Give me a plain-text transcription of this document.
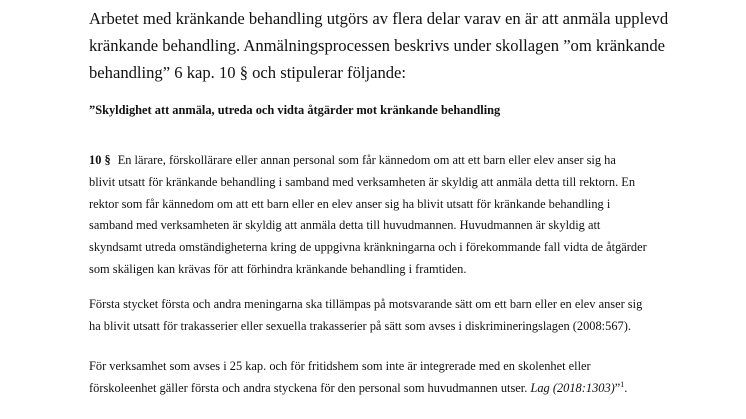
Arbetet med kränkande behandling utgörs av flera delar varav en är att anmäla upplevd
kränkande behandling. Anmälningsprocessen beskrivs under skollagen ”om kränkande
behandling” 6 kap. 10 § och stipulerar följande:

”Skyldighet att anmäla, utreda och vidta åtgärder mot kränkande behandling

10 § En lärare, förskollärare eller annan personal som får kännedom om att ett barn eller elev anser sig ha
blivit utsatt för kränkande behandling i samband med verksamheten är skyldig att anmäla detta till rektorn. En
rektor som får kännedom om att ett barn eller en elev anser sig ha blivit utsatt för kränkande behandling i
samband med verksamheten är skyldig att anmäla detta till huvudmannen. Huvudmannen är skyldig att
skyndsamt utreda omständigheterna kring de uppgivna kränkningarna och i förekommande fall vidta de åtgärder
som skäligen kan krävas för att förhindra kränkande behandling i framtiden.

Första stycket första och andra meningarna ska tillämpas på motsvarande sätt om ett barn eller en elev anser sig
ha blivit utsatt för trakasserier eller sexuella trakasserier på sätt som avses i diskrimineringslagen (2008:567).

För verksamhet som avses i 25 kap. och för fritidshem som inte är integrerade med en skolenhet eller
förskoleenhet gäller första och andra styckena för den personal som huvudmannen utser. Lag (2018:1303)”$^1$.
